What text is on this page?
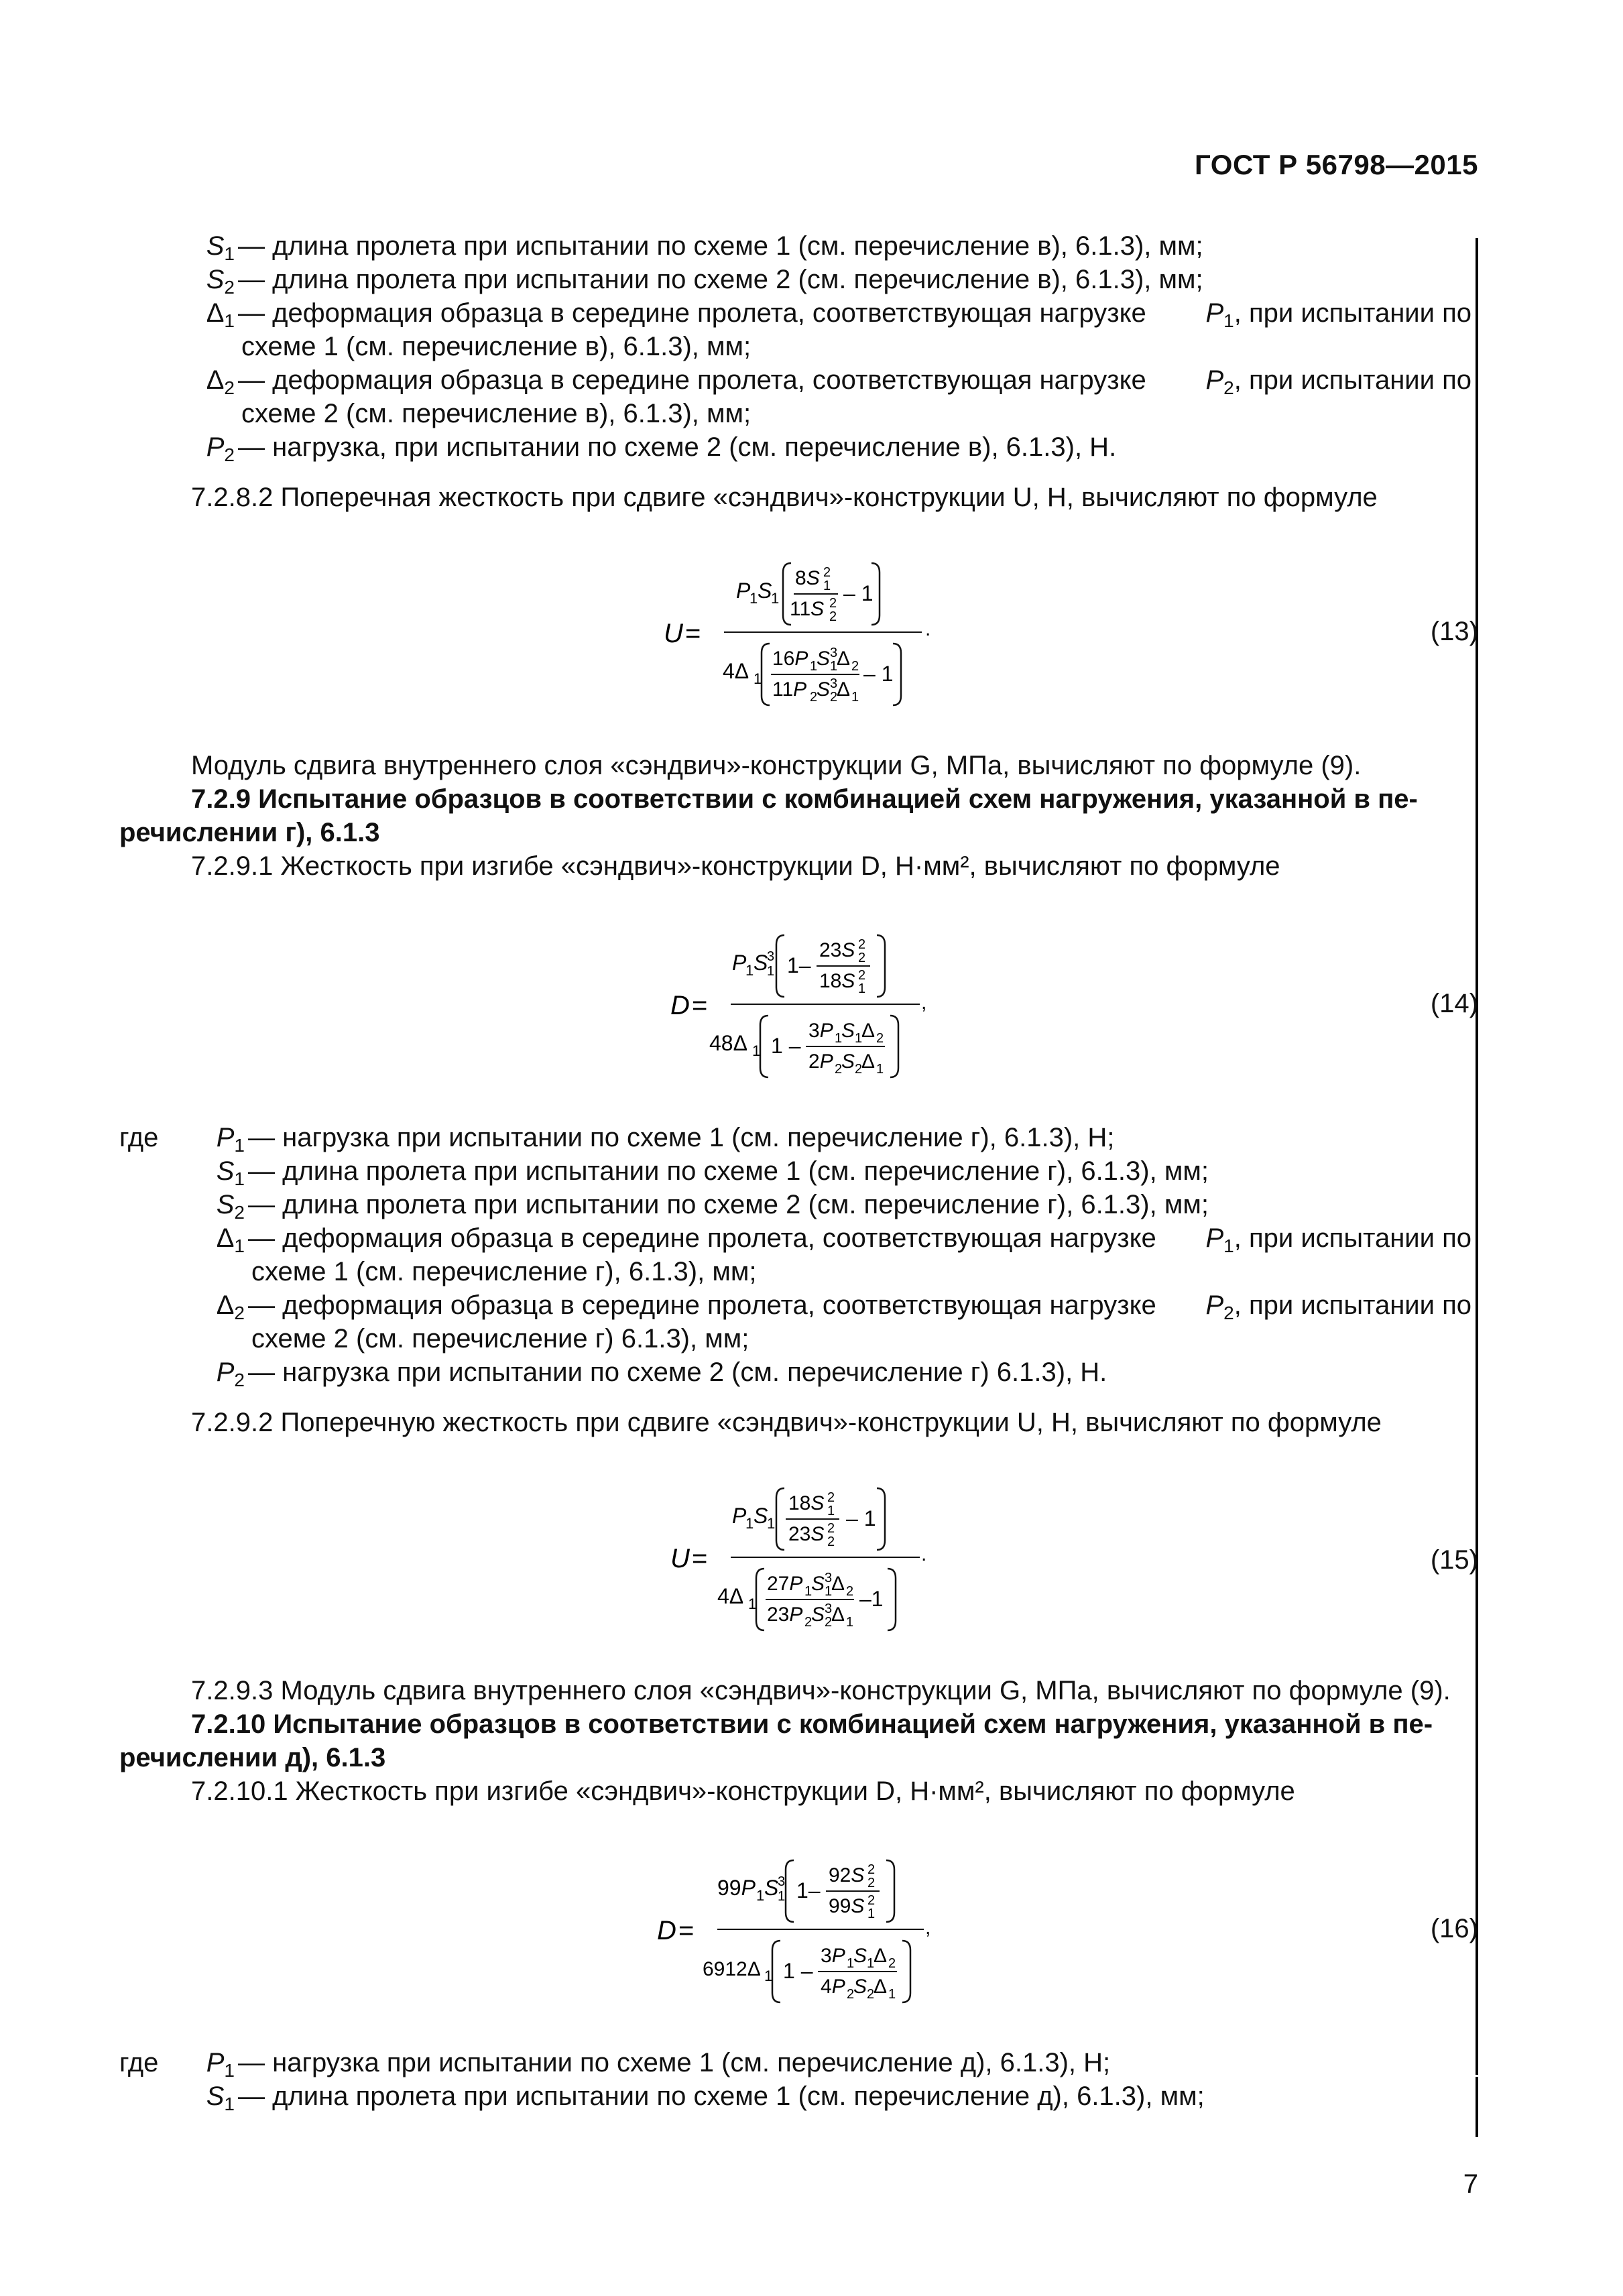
ГОСТ Р 56798—2015
$S_1$ — длина пролета при испытании по схеме 1 (см. перечисление в), 6.1.3), мм;
$S_2$ — длина пролета при испытании по схеме 2 (см. перечисление в), 6.1.3), мм;
$\Delta_1$ — деформация образца в середине пролета, соответствующая нагрузке $P_1$, при испытании по
схеме 1 (см. перечисление в), 6.1.3), мм;
$\Delta_2$ — деформация образца в середине пролета, соответствующая нагрузке $P_2$, при испытании по
схеме 2 (см. перечисление в), 6.1.3), мм;
$P_2$ — нагрузка, при испытании по схеме 2 (см. перечисление в), 6.1.3), Н.
7.2.8.2 Поперечная жесткость при сдвиге «сэндвич»-конструкции U, Н, вычисляют по формуле
U =	.
P
1 S
1
8S 2
1
11S 2
2
– 1
4Δ 1
16P 1
S 3
1
Δ 2
11P 2
S 3
2
Δ 1
– 1
(13)
Модуль сдвига внутреннего слоя «сэндвич»-конструкции G, МПа, вычисляют по формуле (9).
7.2.9 Испытание образцов в соответствии с комбинацией схем нагружения, указанной в пе-
речислении г), 6.1.3
7.2.9.1 Жесткость при изгибе «сэндвич»-конструкции D, Н·мм², вычисляют по формуле
D =	,
P
1 S
3
1 1–
23S 2
2
18S 2
1
48Δ 1 1 –
3P 1
S 1
Δ 2
2P 2
S 2
Δ 1
(14)
где	$P_1$ — нагрузка при испытании по схеме 1 (см. перечисление г), 6.1.3), Н;
$S_1$ — длина пролета при испытании по схеме 1 (см. перечисление г), 6.1.3), мм;
$S_2$ — длина пролета при испытании по схеме 2 (см. перечисление г), 6.1.3), мм;
$\Delta_1$ — деформация образца в середине пролета, соответствующая нагрузке $P_1$, при испытании по
схеме 1 (см. перечисление г), 6.1.3), мм;
$\Delta_2$ — деформация образца в середине пролета, соответствующая нагрузке $P_2$, при испытании по
схеме 2 (см. перечисление г) 6.1.3), мм;
$P_2$ — нагрузка при испытании по схеме 2 (см. перечисление г) 6.1.3), Н.
7.2.9.2 Поперечную жесткость при сдвиге «сэндвич»-конструкции U, Н, вычисляют по формуле
U =	.
P
1 S
1
18S 2
1
23S 2
2
– 1
4Δ 1
27P 1
S 3
1
Δ 2
23P 2
S 3
2
Δ 1
–1
(15)
7.2.9.3 Модуль сдвига внутреннего слоя «сэндвич»-конструкции G, МПа, вычисляют по формуле (9).
7.2.10 Испытание образцов в соответствии с комбинацией схем нагружения, указанной в пе-
речислении д), 6.1.3
7.2.10.1 Жесткость при изгибе «сэндвич»-конструкции D, Н·мм², вычисляют по формуле
D =	,
99P 1 S
3
1 1–
92S 2
2
99S 2
1
6912Δ 1 1 –
3P 1
S 1
Δ 2
4P 2
S 2
Δ 1
(16)
где	$P_1$ — нагрузка при испытании по схеме 1 (см. перечисление д), 6.1.3), Н;
$S_1$ — длина пролета при испытании по схеме 1 (см. перечисление д), 6.1.3), мм;
7
